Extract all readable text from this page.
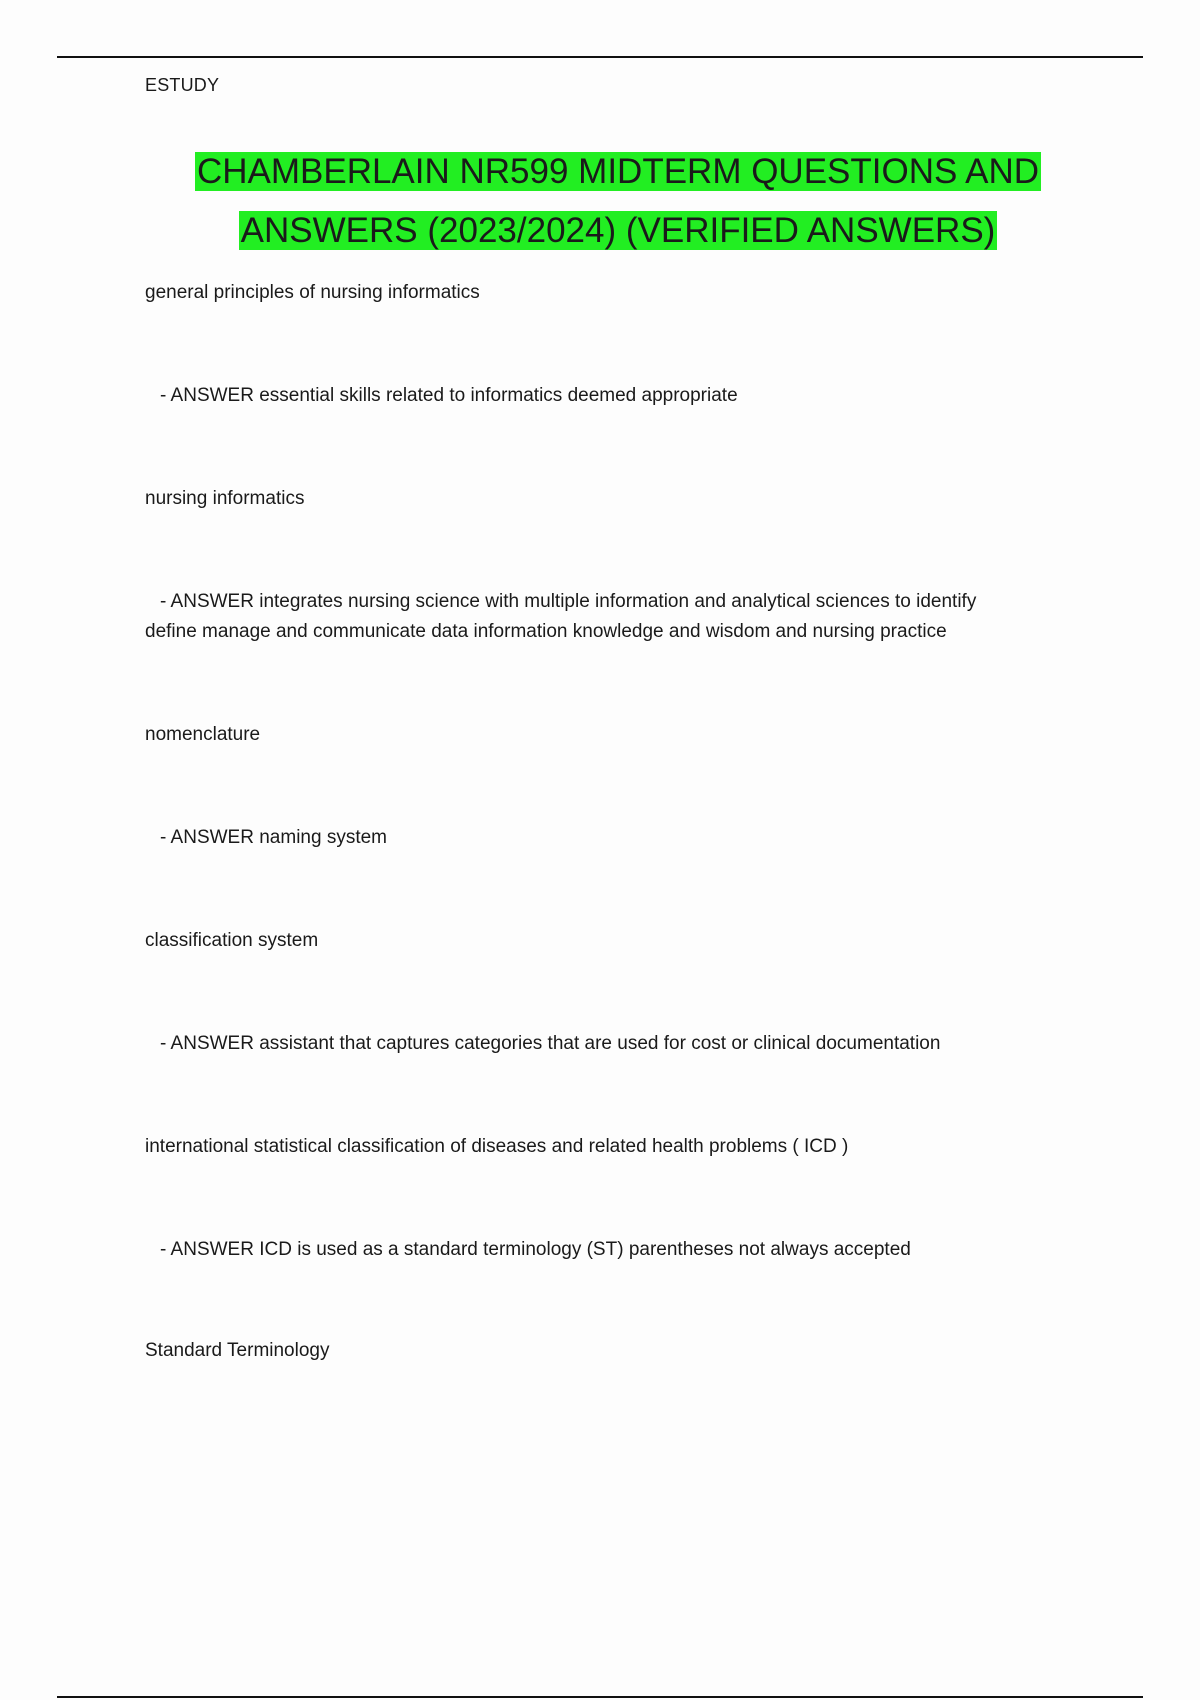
ESTUDY
CHAMBERLAIN NR599 MIDTERM QUESTIONS AND
ANSWERS (2023/2024) (VERIFIED ANSWERS)
general principles of nursing informatics
- ANSWER essential skills related to informatics deemed appropriate
nursing informatics
- ANSWER integrates nursing science with multiple information and analytical sciences to identify
define manage and communicate data information knowledge and wisdom and nursing practice
nomenclature
- ANSWER naming system
classification system
- ANSWER assistant that captures categories that are used for cost or clinical documentation
international statistical classification of diseases and related health problems ( ICD )
- ANSWER ICD is used as a standard terminology (ST) parentheses not always accepted
Standard Terminology
